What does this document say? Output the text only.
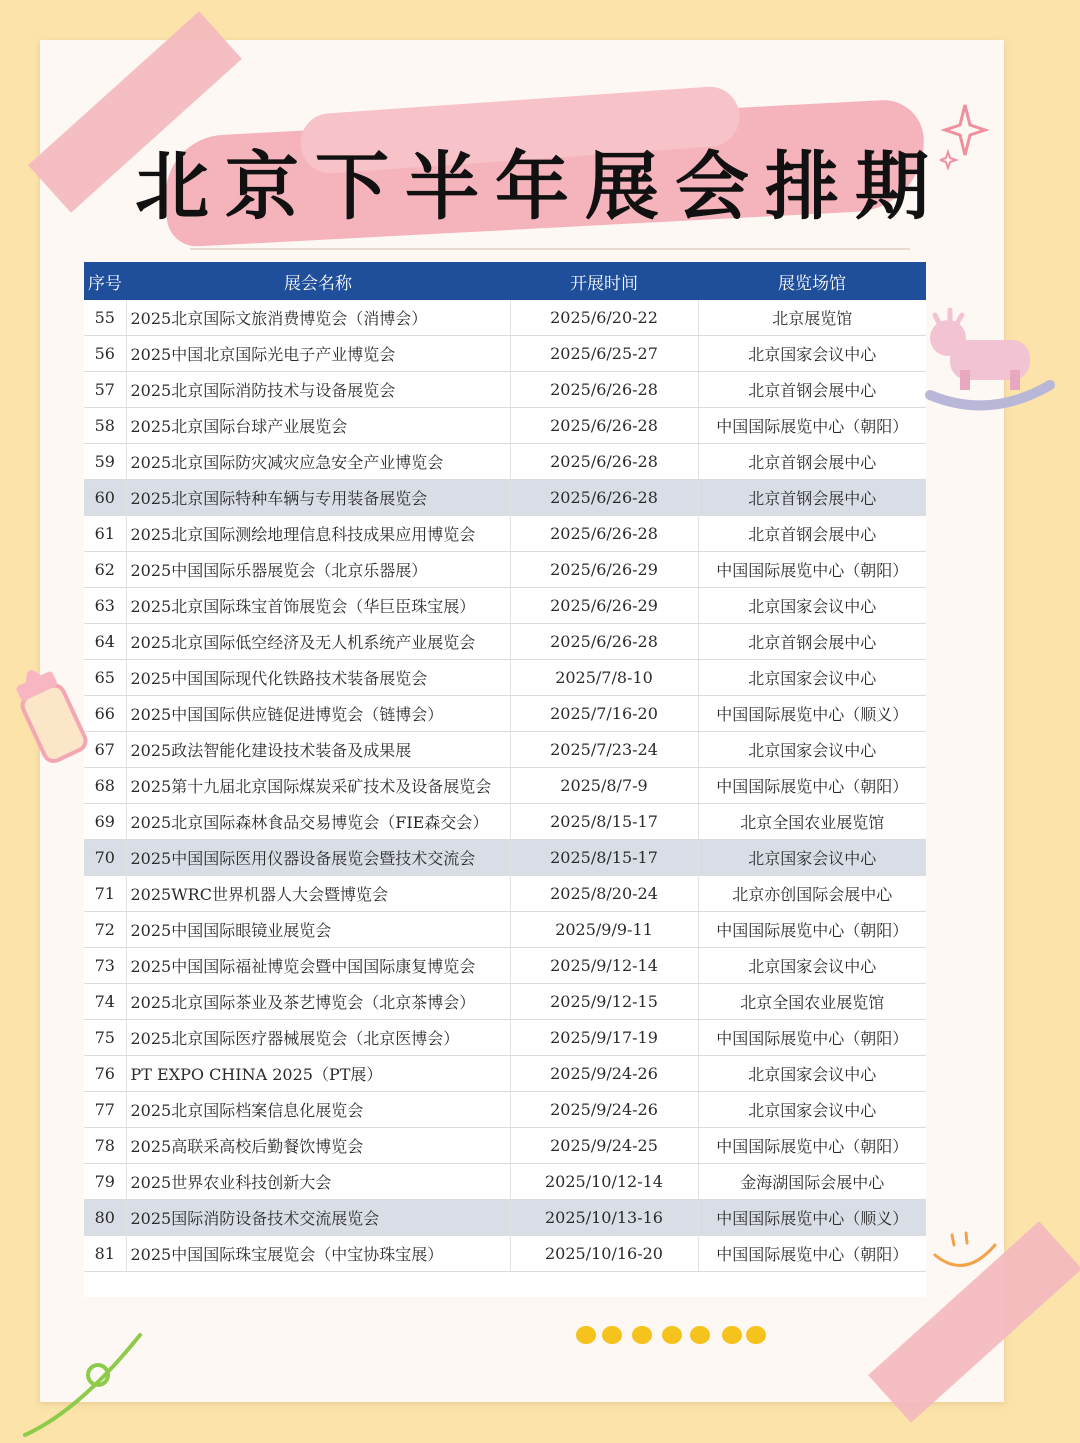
北京下半年展会排期
序号	展会名称	开展时间	展览场馆
55	2025北京国际文旅消费博览会（消博会）	2025/6/20-22	北京展览馆
56	2025中国北京国际光电子产业博览会	2025/6/25-27	北京国家会议中心
57	2025北京国际消防技术与设备展览会	2025/6/26-28	北京首钢会展中心
58	2025北京国际台球产业展览会	2025/6/26-28	中国国际展览中心（朝阳）
59	2025北京国际防灾减灾应急安全产业博览会	2025/6/26-28	北京首钢会展中心
60	2025北京国际特种车辆与专用装备展览会	2025/6/26-28	北京首钢会展中心
61	2025北京国际测绘地理信息科技成果应用博览会	2025/6/26-28	北京首钢会展中心
62	2025中国国际乐器展览会（北京乐器展）	2025/6/26-29	中国国际展览中心（朝阳）
63	2025北京国际珠宝首饰展览会（华巨臣珠宝展）	2025/6/26-29	北京国家会议中心
64	2025北京国际低空经济及无人机系统产业展览会	2025/6/26-28	北京首钢会展中心
65	2025中国国际现代化铁路技术装备展览会	2025/7/8-10	北京国家会议中心
66	2025中国国际供应链促进博览会（链博会）	2025/7/16-20	中国国际展览中心（顺义）
67	2025政法智能化建设技术装备及成果展	2025/7/23-24	北京国家会议中心
68	2025第十九届北京国际煤炭采矿技术及设备展览会	2025/8/7-9	中国国际展览中心（朝阳）
69	2025北京国际森林食品交易博览会（FIE森交会）	2025/8/15-17	北京全国农业展览馆
70	2025中国国际医用仪器设备展览会暨技术交流会	2025/8/15-17	北京国家会议中心
71	2025WRC世界机器人大会暨博览会	2025/8/20-24	北京亦创国际会展中心
72	2025中国国际眼镜业展览会	2025/9/9-11	中国国际展览中心（朝阳）
73	2025中国国际福祉博览会暨中国国际康复博览会	2025/9/12-14	北京国家会议中心
74	2025北京国际茶业及茶艺博览会（北京茶博会）	2025/9/12-15	北京全国农业展览馆
75	2025北京国际医疗器械展览会（北京医博会）	2025/9/17-19	中国国际展览中心（朝阳）
76	PT EXPO CHINA 2025（PT展）	2025/9/24-26	北京国家会议中心
77	2025北京国际档案信息化展览会	2025/9/24-26	北京国家会议中心
78	2025高联采高校后勤餐饮博览会	2025/9/24-25	中国国际展览中心（朝阳）
79	2025世界农业科技创新大会	2025/10/12-14	金海湖国际会展中心
80	2025国际消防设备技术交流展览会	2025/10/13-16	中国国际展览中心（顺义）
81	2025中国国际珠宝展览会（中宝协珠宝展）	2025/10/16-20	中国国际展览中心（朝阳）
